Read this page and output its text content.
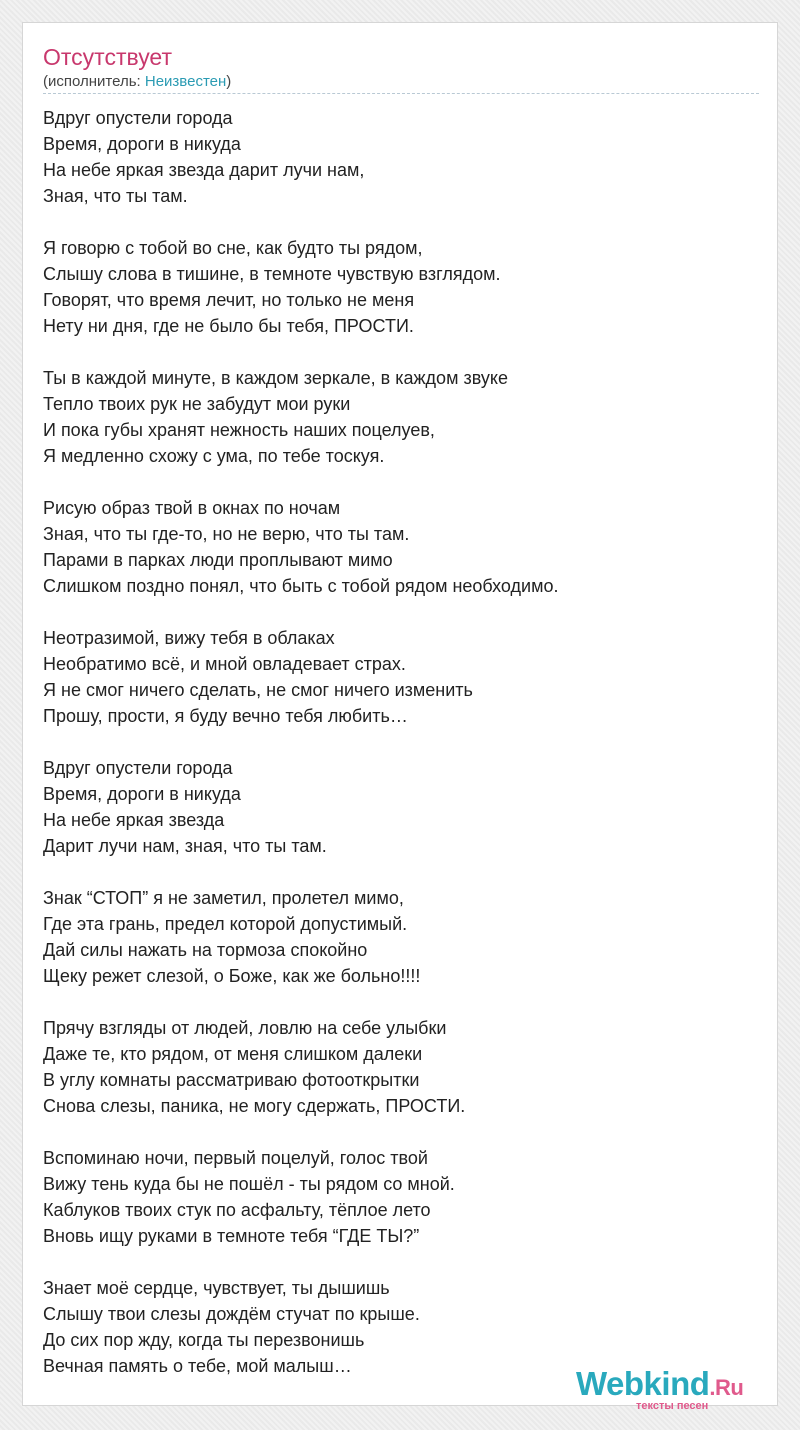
Отсутствует
(исполнитель: Неизвестен)
Вдруг опустели города
Время, дороги в никуда
На небе яркая звезда дарит лучи нам,
Зная, что ты там.
Я говорю с тобой во сне, как будто ты рядом,
Слышу слова в тишине, в темноте чувствую взглядом.
Говорят, что время лечит, но только не меня
Нету ни дня, где не было бы тебя, ПРОСТИ.
Ты в каждой минуте, в каждом зеркале, в каждом звуке
Тепло твоих рук не забудут мои руки
И пока губы хранят нежность наших поцелуев,
Я медленно схожу с ума, по тебе тоскуя.
Рисую образ твой в окнах по ночам
Зная, что ты где-то, но не верю, что ты там.
Парами в парках люди проплывают мимо
Слишком поздно понял, что быть с тобой рядом необходимо.
Неотразимой, вижу тебя в облаках
Необратимо всё, и мной овладевает страх.
Я не смог ничего сделать, не смог ничего изменить
Прошу, прости, я буду вечно тебя любить…
Вдруг опустели города
Время, дороги в никуда
На небе яркая звезда
Дарит лучи нам, зная, что ты там.
Знак “СТОП” я не заметил, пролетел мимо,
Где эта грань, предел которой допустимый.
Дай силы нажать на тормоза спокойно
Щеку режет слезой, о Боже, как же больно!!!!
Прячу взгляды от людей, ловлю на себе улыбки
Даже те, кто рядом, от меня слишком далеки
В углу комнаты рассматриваю фотооткрытки
Снова слезы, паника, не могу сдержать, ПРОСТИ.
Вспоминаю ночи, первый поцелуй, голос твой
Вижу тень куда бы не пошёл - ты рядом со мной.
Каблуков твоих стук по асфальту, тёплое лето
Вновь ищу руками в темноте тебя “ГДЕ ТЫ?”
Знает моё сердце, чувствует, ты дышишь
Слышу твои слезы дождём стучат по крыше.
До сих пор жду, когда ты перезвонишь
Вечная память о тебе, мой малыш…	Webkind.Ru
тексты песен
